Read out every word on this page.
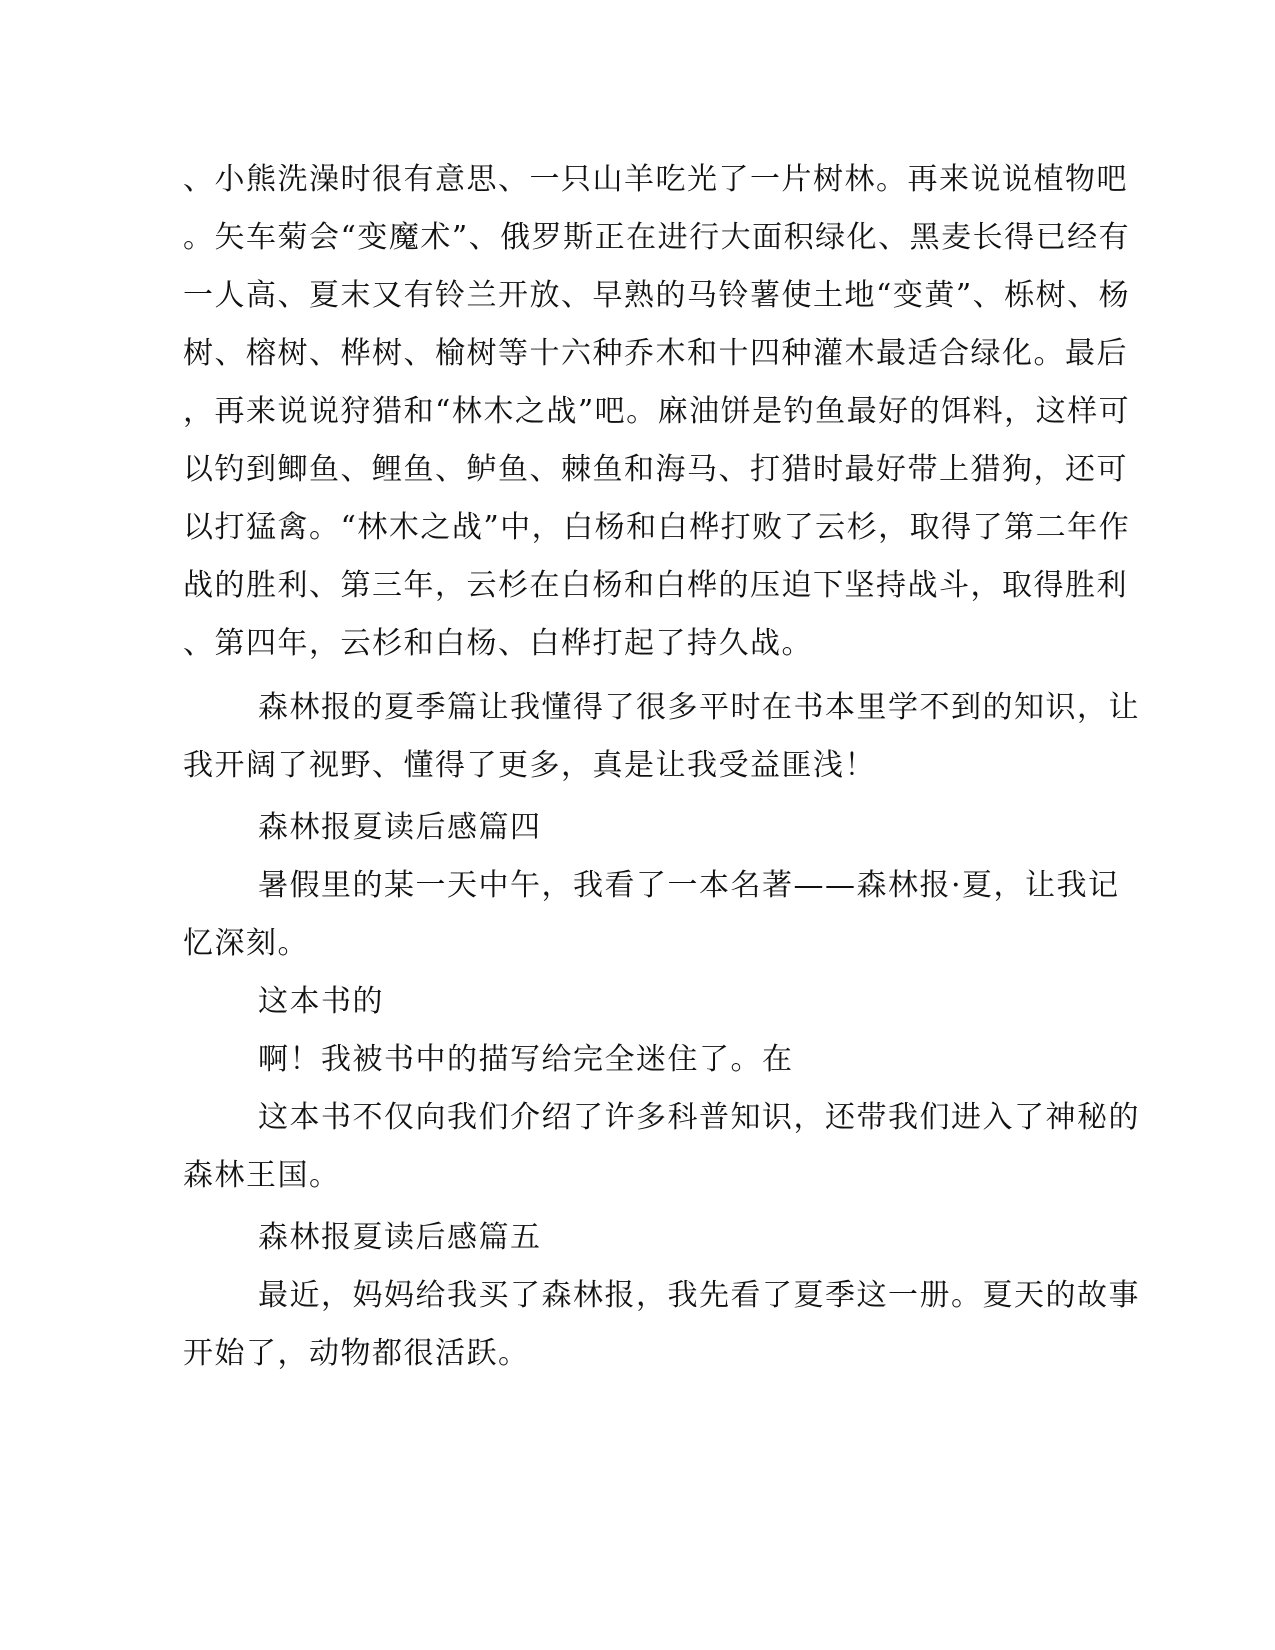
、小熊洗澡时很有意思、一只山羊吃光了一片树林。再来说说植物吧
。矢车菊会“变魔术”、俄罗斯正在进行大面积绿化、黑麦长得已经有
一人高、夏末又有铃兰开放、早熟的马铃薯使土地“变黄”、栎树、杨
树、榕树、桦树、榆树等十六种乔木和十四种灌木最适合绿化。最后
，再来说说狩猎和“林木之战”吧。麻油饼是钓鱼最好的饵料，这样可
以钓到鲫鱼、鲤鱼、鲈鱼、棘鱼和海马、打猎时最好带上猎狗，还可
以打猛禽。“林木之战”中，白杨和白桦打败了云杉，取得了第二年作
战的胜利、第三年，云杉在白杨和白桦的压迫下坚持战斗，取得胜利
、第四年，云杉和白杨、白桦打起了持久战。
森林报的夏季篇让我懂得了很多平时在书本里学不到的知识，让
我开阔了视野、懂得了更多，真是让我受益匪浅！
森林报夏读后感篇四
暑假里的某一天中午，我看了一本名著——森林报·夏，让我记
忆深刻。
这本书的
啊！我被书中的描写给完全迷住了。在
这本书不仅向我们介绍了许多科普知识，还带我们进入了神秘的
森林王国。
森林报夏读后感篇五
最近，妈妈给我买了森林报，我先看了夏季这一册。夏天的故事
开始了，动物都很活跃。
